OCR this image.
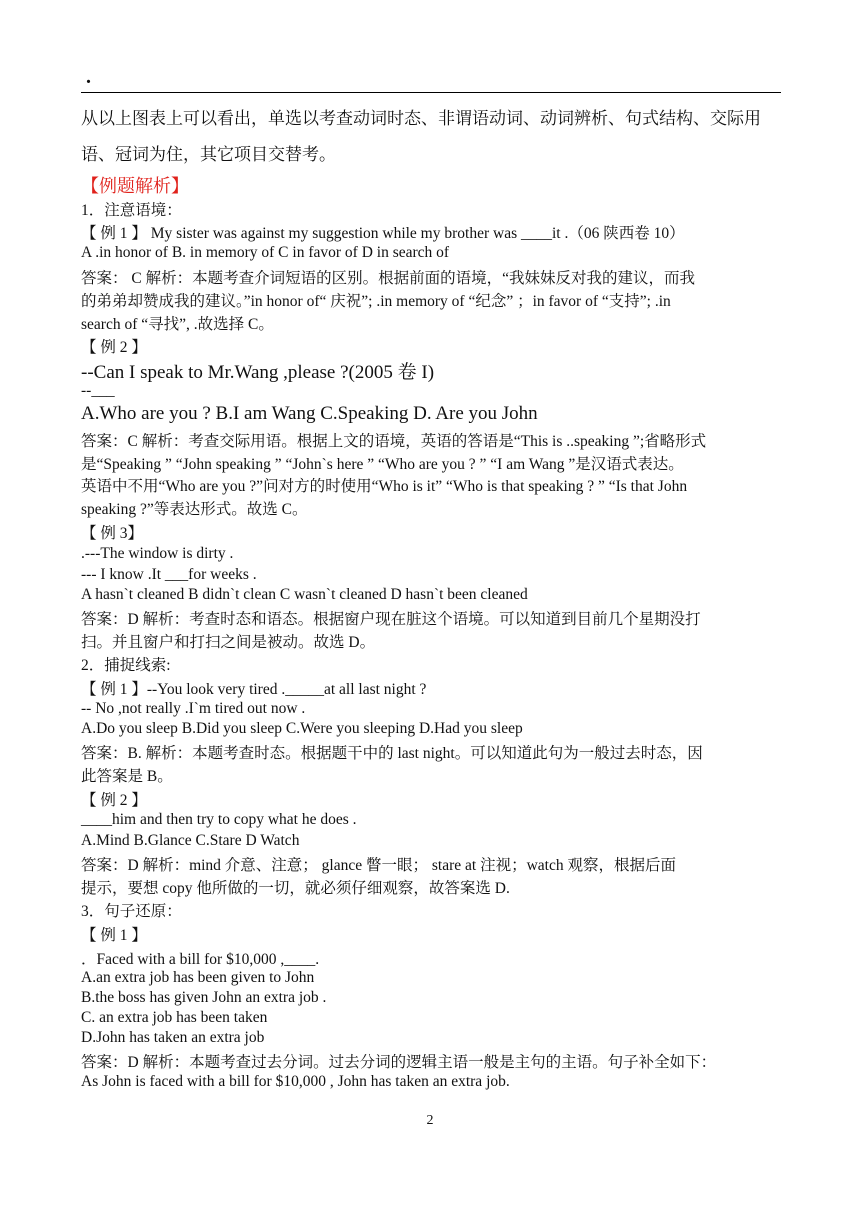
.
从以上图表上可以看出，单选以考查动词时态、非谓语动词、动词辨析、句式结构、交际用
语、冠词为住，其它项目交替考。
【例题解析】
1．注意语境：
【 例 1 】 My sister was against my suggestion while my brother was ____it .（06 陕西卷 10）
A .in honor of B. in memory of C in favor of D in search of
答案： C 解析：本题考查介词短语的区别。根据前面的语境，“我妹妹反对我的建议，而我
的弟弟却赞成我的建议。”in honor of“ 庆祝”; .in memory of “纪念” ；in favor of “支持”; .in
search of “寻找”, .故选择 C。
【 例 2 】
--Can I speak to Mr.Wang ,please ?(2005 卷 I)
--___
A.Who are you ? B.I am Wang C.Speaking D. Are you John
答案：C 解析：考查交际用语。根据上文的语境，英语的答语是“This is ..speaking ”;省略形式
是“Speaking ” “John speaking ” “John`s here ” “Who are you ? ” “I am Wang ”是汉语式表达。
英语中不用“Who are you ?”问对方的时使用“Who is it” “Who is that speaking ? ” “Is that John
speaking ?”等表达形式。故选 C。
【 例 3】
.---The window is dirty .
--- I know .It ___for weeks .
A hasn`t cleaned B didn`t clean C wasn`t cleaned D hasn`t been cleaned
答案：D 解析：考查时态和语态。根据窗户现在脏这个语境。可以知道到目前几个星期没打
扫。并且窗户和打扫之间是被动。故选 D。
2．捕捉线索:
【 例 1 】--You look very tired ._____at all last night ?
-- No ,not really .I`m tired out now .
A.Do you sleep B.Did you sleep C.Were you sleeping D.Had you sleep
答案：B. 解析：本题考查时态。根据题干中的 last night。可以知道此句为一般过去时态，因
此答案是 B。
【 例 2 】
____him and then try to copy what he does .
A.Mind B.Glance C.Stare D Watch
答案：D 解析：mind 介意、注意； glance 瞥一眼； stare at 注视；watch 观察，根据后面
提示，要想 copy 他所做的一切，就必须仔细观察，故答案选 D.
3．句子还原：
【 例 1 】
．Faced with a bill for $10,000 ,____.
A.an extra job has been given to John
B.the boss has given John an extra job .
C. an extra job has been taken
D.John has taken an extra job
答案：D 解析：本题考查过去分词。过去分词的逻辑主语一般是主句的主语。句子补全如下：
As John is faced with a bill for $10,000 , John has taken an extra job.
2
